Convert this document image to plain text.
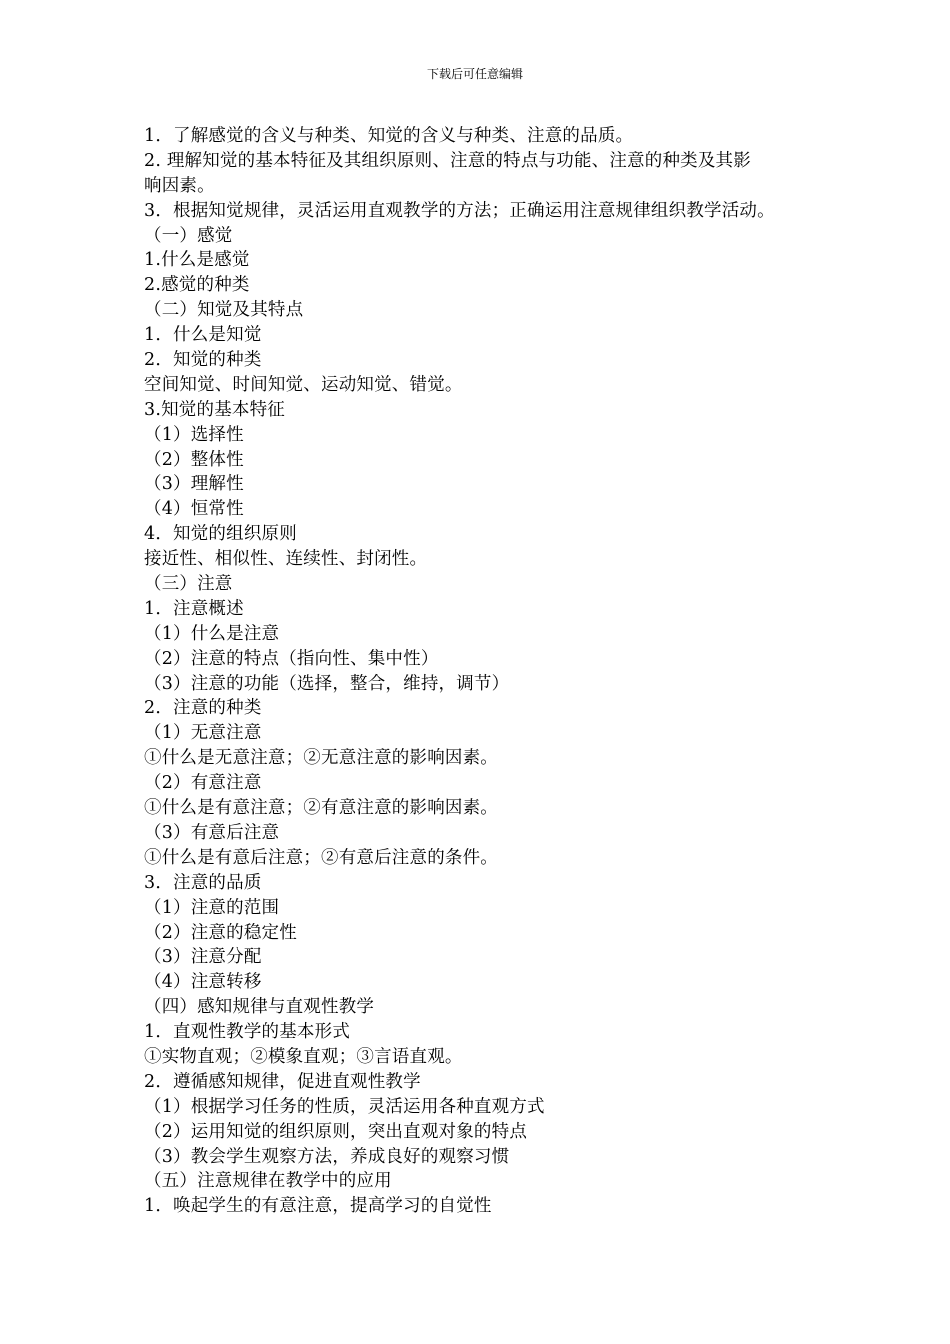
下载后可任意编辑
1．了解感觉的含义与种类、知觉的含义与种类、注意的品质。
2. 理解知觉的基本特征及其组织原则、注意的特点与功能、注意的种类及其影
响因素。
3．根据知觉规律，灵活运用直观教学的方法；正确运用注意规律组织教学活动。
（一）感觉
1.什么是感觉
2.感觉的种类
（二）知觉及其特点
1．什么是知觉
2．知觉的种类
空间知觉、时间知觉、运动知觉、错觉。
3.知觉的基本特征
（1）选择性
（2）整体性
（3）理解性
（4）恒常性
4．知觉的组织原则
接近性、相似性、连续性、封闭性。
（三）注意
1．注意概述
（1）什么是注意
（2）注意的特点（指向性、集中性）
（3）注意的功能（选择，整合，维持，调节）
2．注意的种类
（1）无意注意
①什么是无意注意；②无意注意的影响因素。
（2）有意注意
①什么是有意注意；②有意注意的影响因素。
（3）有意后注意
①什么是有意后注意；②有意后注意的条件。
3．注意的品质
（1）注意的范围
（2）注意的稳定性
（3）注意分配
（4）注意转移
（四）感知规律与直观性教学
1．直观性教学的基本形式
①实物直观；②模象直观；③言语直观。
2．遵循感知规律，促进直观性教学
（1）根据学习任务的性质，灵活运用各种直观方式
（2）运用知觉的组织原则，突出直观对象的特点
（3）教会学生观察方法，养成良好的观察习惯
（五）注意规律在教学中的应用
1．唤起学生的有意注意，提高学习的自觉性
